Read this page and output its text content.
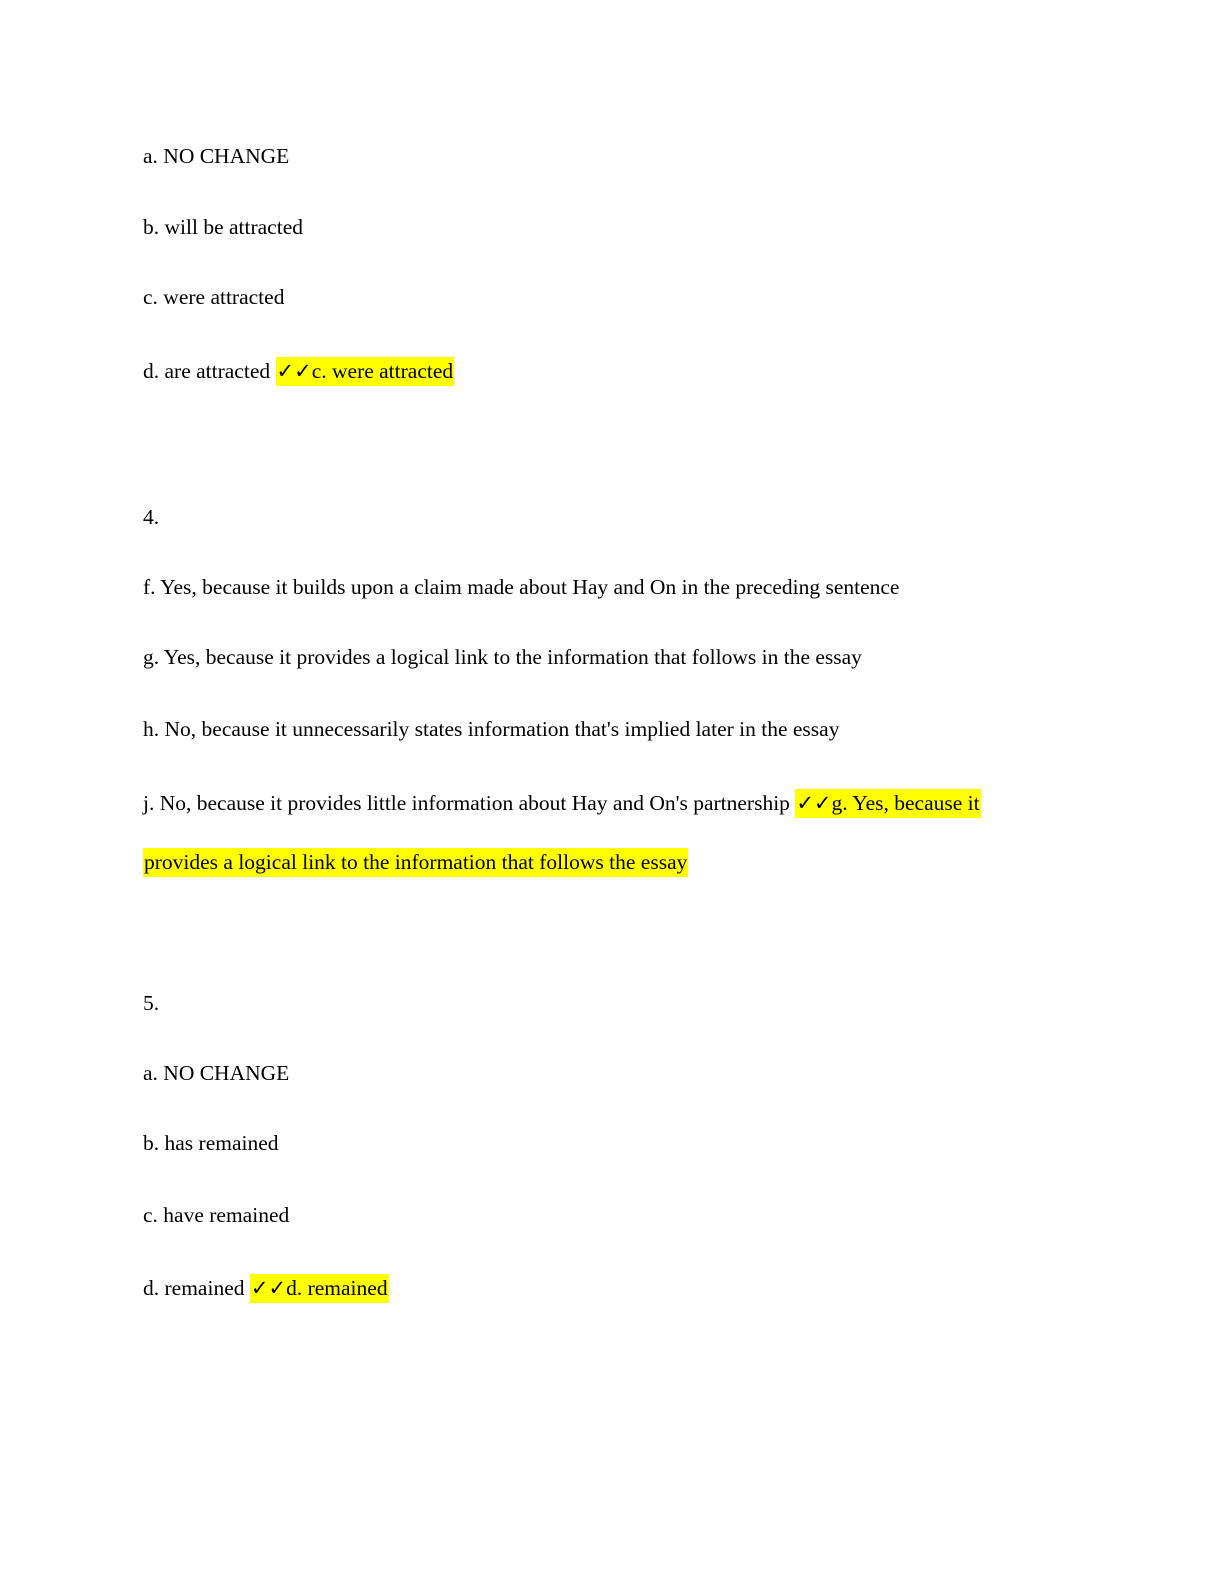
a. NO CHANGE
b. will be attracted
c. were attracted
d. are attracted ✓✓c. were attracted
4.
f. Yes, because it builds upon a claim made about Hay and On in the preceding sentence
g. Yes, because it provides a logical link to the information that follows in the essay
h. No, because it unnecessarily states information that's implied later in the essay
j. No, because it provides little information about Hay and On's partnership ✓✓g. Yes, because it
provides a logical link to the information that follows the essay
5.
a. NO CHANGE
b. has remained
c. have remained
d. remained ✓✓d. remained
